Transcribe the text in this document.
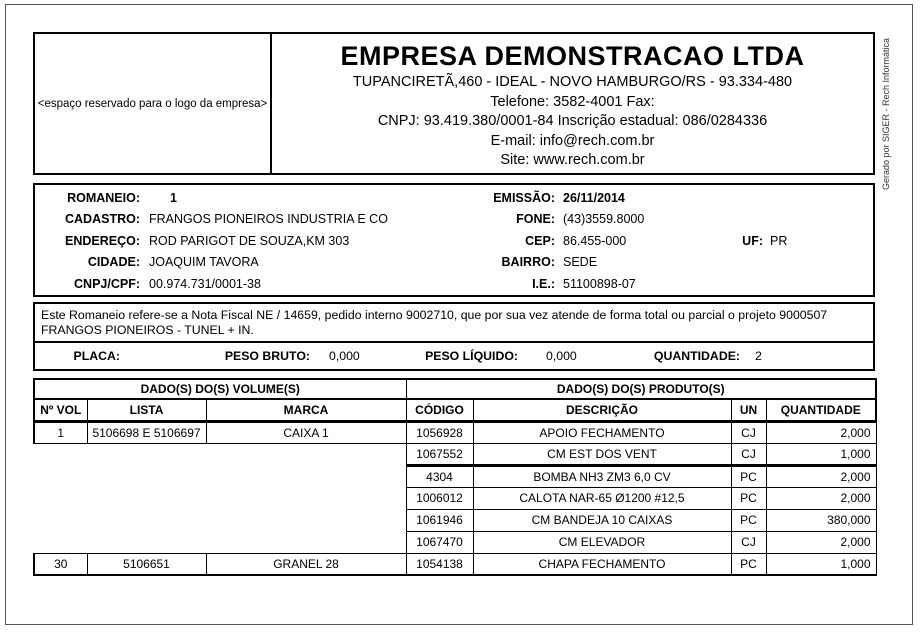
<espaço reservado para o logo da empresa>
EMPRESA DEMONSTRACAO LTDA
TUPANCIRETÃ,460 - IDEAL - NOVO HAMBURGO/RS - 93.334-480
Telefone: 3582-4001 Fax:
CNPJ: 93.419.380/0001-84 Inscrição estadual: 086/0284336
E-mail: info@rech.com.br
Site: www.rech.com.br	Gerado por SIGER - Rech Informática
ROMANEIO: 1	EMISSÃO: 26/11/2014
CADASTRO: FRANGOS PIONEIROS INDUSTRIA E CO	FONE: (43)3559.8000
ENDEREÇO: ROD PARIGOT DE SOUZA,KM 303	CEP: 86.455-000	UF: PR
CIDADE: JOAQUIM TAVORA	BAIRRO: SEDE
CNPJ/CPF: 00.974.731/0001-38	I.E.: 51100898-07
Este Romaneio refere-se a Nota Fiscal NE / 14659, pedido interno 9002710, que por sua vez atende de forma total ou parcial o projeto 9000507
FRANGOS PIONEIROS - TUNEL + IN.
PLACA:	PESO BRUTO: 0,000	PESO LÍQUIDO: 0,000	QUANTIDADE: 2
DADO(S) DO(S) VOLUME(S)			DADO(S) DO(S) PRODUTO(S)			
Nº VOL	LISTA	MARCA	CÓDIGO	DESCRIÇÃO	UN	QUANTIDADE
1	5106698 E 5106697	CAIXA 1	1056928	APOIO FECHAMENTO	CJ	2,000
			1067552	CM EST DOS VENT	CJ	1,000
			4304	BOMBA NH3 ZM3 6,0 CV	PC	2,000
			1006012	CALOTA NAR-65 Ø1200 #12,5	PC	2,000
			1061946	CM BANDEJA 10 CAIXAS	PC	380,000
			1067470	CM ELEVADOR	CJ	2,000
30	5106651	GRANEL 28	1054138	CHAPA FECHAMENTO	PC	1,000
